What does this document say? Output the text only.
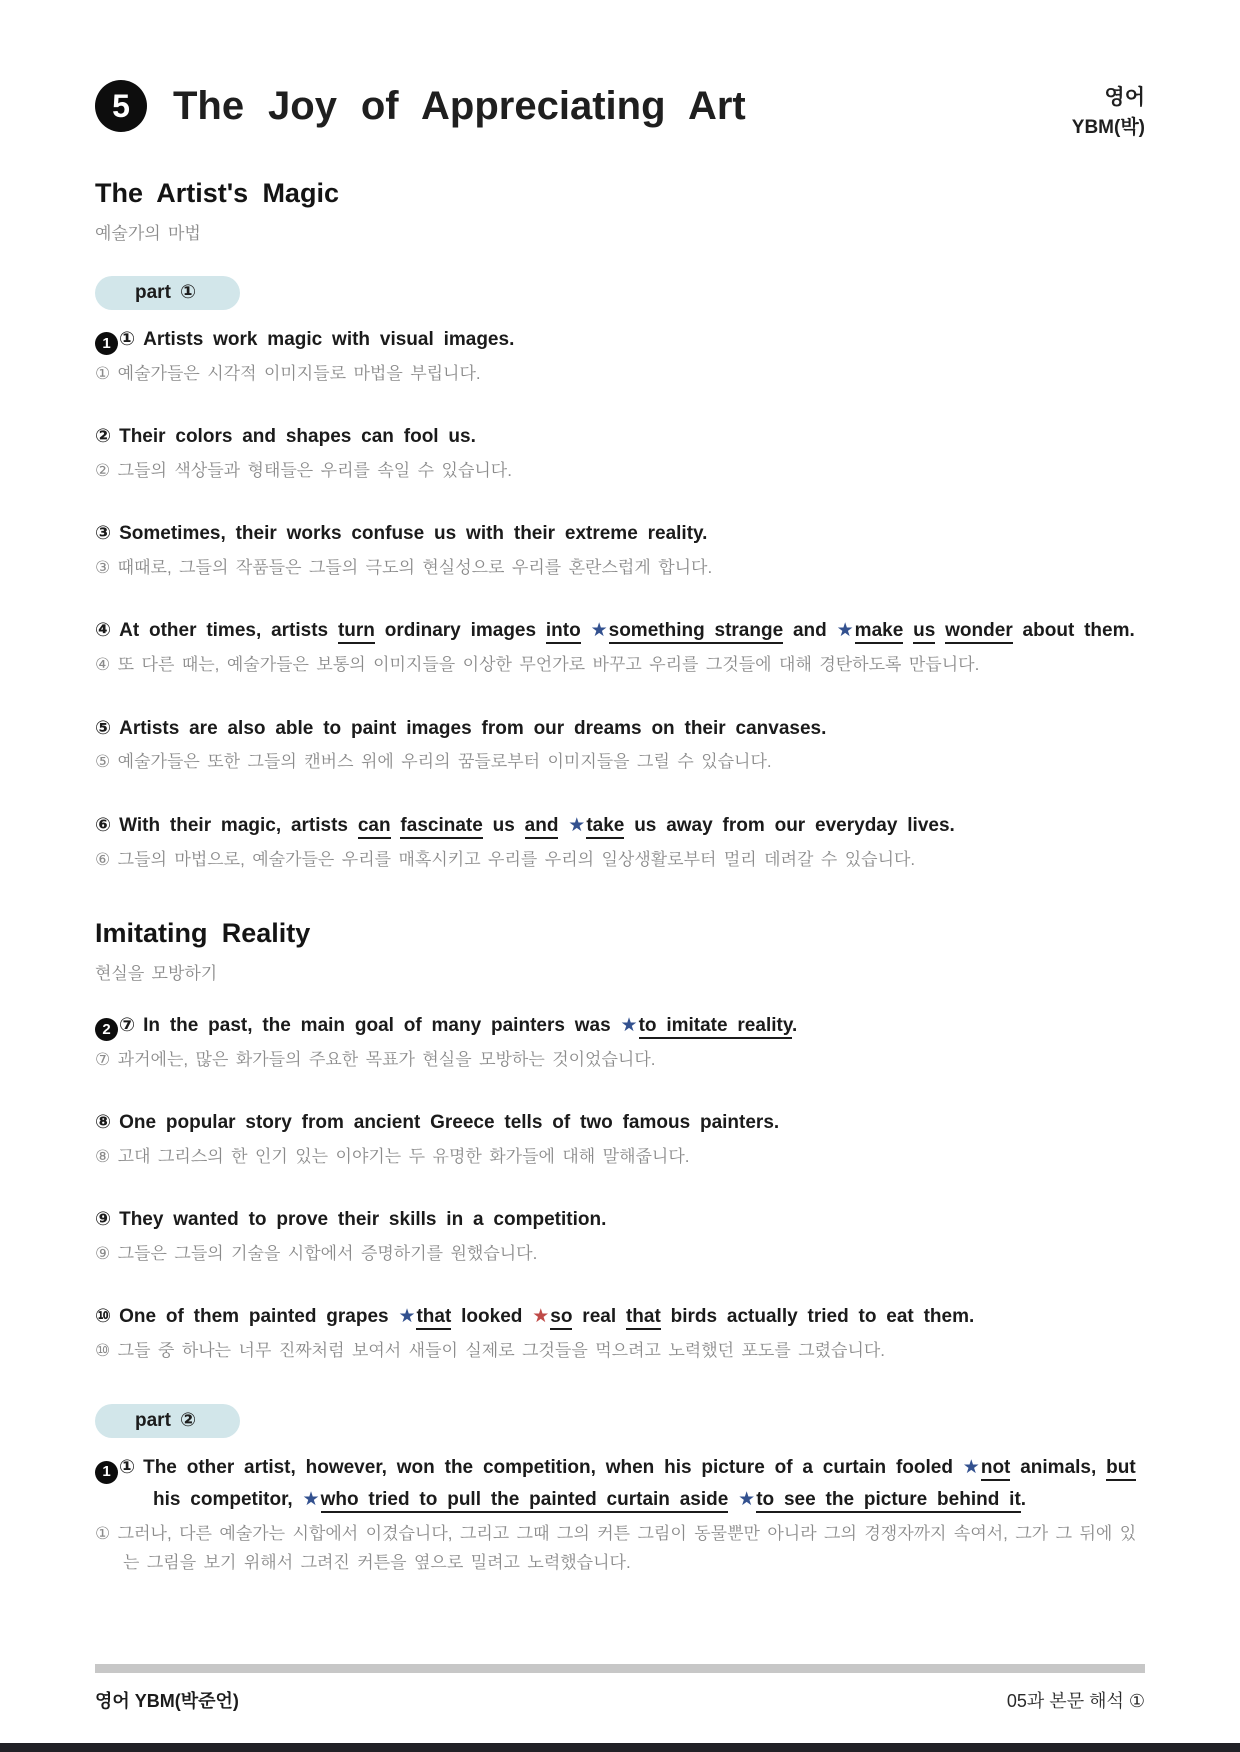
5	The Joy of Appreciating Art	영어
YBM(박)
The Artist's Magic
예술가의 마법
part ①

1 ① Artists work magic with visual images.

① 예술가들은 시각적 이미지들로 마법을 부립니다.

② Their colors and shapes can fool us.

② 그들의 색상들과 형태들은 우리를 속일 수 있습니다.

③ Sometimes, their works confuse us with their extreme reality.

③ 때때로, 그들의 작품들은 그들의 극도의 현실성으로 우리를 혼란스럽게 합니다.

④ At other times, artists turn ordinary images into ★something strange and ★make us wonder about them.

④ 또 다른 때는, 예술가들은 보통의 이미지들을 이상한 무언가로 바꾸고 우리를 그것들에 대해 경탄하도록 만듭니다.

⑤ Artists are also able to paint images from our dreams on their canvases.

⑤ 예술가들은 또한 그들의 캔버스 위에 우리의 꿈들로부터 이미지들을 그릴 수 있습니다.

⑥ With their magic, artists can fascinate us and ★take us away from our everyday lives.

⑥ 그들의 마법으로, 예술가들은 우리를 매혹시키고 우리를 우리의 일상생활로부터 멀리 데려갈 수 있습니다.

Imitating Reality
현실을 모방하기

2 ⑦ In the past, the main goal of many painters was ★to imitate reality.

⑦ 과거에는, 많은 화가들의 주요한 목표가 현실을 모방하는 것이었습니다.

⑧ One popular story from ancient Greece tells of two famous painters.

⑧ 고대 그리스의 한 인기 있는 이야기는 두 유명한 화가들에 대해 말해줍니다.

⑨ They wanted to prove their skills in a competition.

⑨ 그들은 그들의 기술을 시합에서 증명하기를 원했습니다.

⑩ One of them painted grapes ★that looked ★so real that birds actually tried to eat them.

⑩ 그들 중 하나는 너무 진짜처럼 보여서 새들이 실제로 그것들을 먹으려고 노력했던 포도를 그렸습니다.

part ②

1 ① The other artist, however, won the competition, when his picture of a curtain fooled ★not animals, but his competitor, ★who tried to pull the painted curtain aside ★to see the picture behind it.

① 그러나, 다른 예술가는 시합에서 이겼습니다, 그리고 그때 그의 커튼 그림이 동물뿐만 아니라 그의 경쟁자까지 속여서, 그가 그 뒤에 있는 그림을 보기 위해서 그려진 커튼을 옆으로 밀려고 노력했습니다.

영어 YBM(박준언)	05과 본문 해석 ①
